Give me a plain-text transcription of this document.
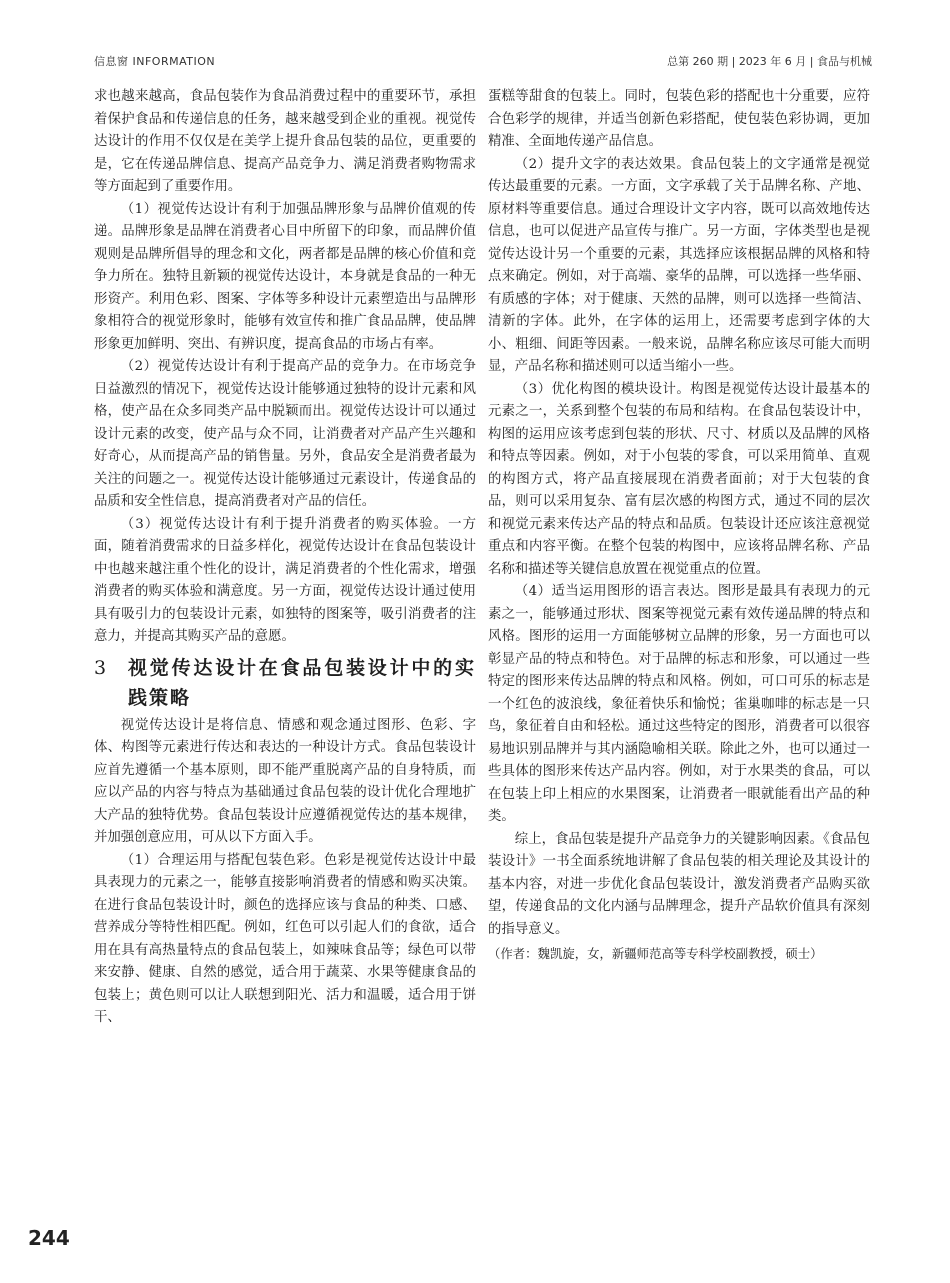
信息窗 INFORMATION	总第 260 期 | 2023 年 6 月 | 食品与机械

求也越来越高，食品包装作为食品消费过程中的重要环节，承担着保护食品和传递信息的任务，越来越受到企业的重视。视觉传达设计的作用不仅仅是在美学上提升食品包装的品位，更重要的是，它在传递品牌信息、提高产品竞争力、满足消费者购物需求等方面起到了重要作用。

（1）视觉传达设计有利于加强品牌形象与品牌价值观的传递。品牌形象是品牌在消费者心目中所留下的印象，而品牌价值观则是品牌所倡导的理念和文化，两者都是品牌的核心价值和竞争力所在。独特且新颖的视觉传达设计，本身就是食品的一种无形资产。利用色彩、图案、字体等多种设计元素塑造出与品牌形象相符合的视觉形象时，能够有效宣传和推广食品品牌，使品牌形象更加鲜明、突出、有辨识度，提高食品的市场占有率。

（2）视觉传达设计有利于提高产品的竞争力。在市场竞争日益激烈的情况下，视觉传达设计能够通过独特的设计元素和风格，使产品在众多同类产品中脱颖而出。视觉传达设计可以通过设计元素的改变，使产品与众不同，让消费者对产品产生兴趣和好奇心，从而提高产品的销售量。另外，食品安全是消费者最为关注的问题之一。视觉传达设计能够通过元素设计，传递食品的品质和安全性信息，提高消费者对产品的信任。

（3）视觉传达设计有利于提升消费者的购买体验。一方面，随着消费需求的日益多样化，视觉传达设计在食品包装设计中也越来越注重个性化的设计，满足消费者的个性化需求，增强消费者的购买体验和满意度。另一方面，视觉传达设计通过使用具有吸引力的包装设计元素，如独特的图案等，吸引消费者的注意力，并提高其购买产品的意愿。

3	视觉传达设计在食品包装设计中的实践策略

视觉传达设计是将信息、情感和观念通过图形、色彩、字体、构图等元素进行传达和表达的一种设计方式。食品包装设计应首先遵循一个基本原则，即不能严重脱离产品的自身特质，而应以产品的内容与特点为基础通过食品包装的设计优化合理地扩大产品的独特优势。食品包装设计应遵循视觉传达的基本规律，并加强创意应用，可从以下方面入手。

（1）合理运用与搭配包装色彩。色彩是视觉传达设计中最具表现力的元素之一，能够直接影响消费者的情感和购买决策。在进行食品包装设计时，颜色的选择应该与食品的种类、口感、营养成分等特性相匹配。例如，红色可以引起人们的食欲，适合用在具有高热量特点的食品包装上，如辣味食品等；绿色可以带来安静、健康、自然的感觉，适合用于蔬菜、水果等健康食品的包装上；黄色则可以让人联想到阳光、活力和温暖，适合用于饼干、

蛋糕等甜食的包装上。同时，包装色彩的搭配也十分重要，应符合色彩学的规律，并适当创新色彩搭配，使包装色彩协调，更加精准、全面地传递产品信息。

（2）提升文字的表达效果。食品包装上的文字通常是视觉传达最重要的元素。一方面，文字承载了关于品牌名称、产地、原材料等重要信息。通过合理设计文字内容，既可以高效地传达信息，也可以促进产品宣传与推广。另一方面，字体类型也是视觉传达设计另一个重要的元素，其选择应该根据品牌的风格和特点来确定。例如，对于高端、豪华的品牌，可以选择一些华丽、有质感的字体；对于健康、天然的品牌，则可以选择一些简洁、清新的字体。此外，在字体的运用上，还需要考虑到字体的大小、粗细、间距等因素。一般来说，品牌名称应该尽可能大而明显，产品名称和描述则可以适当缩小一些。

（3）优化构图的模块设计。构图是视觉传达设计最基本的元素之一，关系到整个包装的布局和结构。在食品包装设计中，构图的运用应该考虑到包装的形状、尺寸、材质以及品牌的风格和特点等因素。例如，对于小包装的零食，可以采用简单、直观的构图方式，将产品直接展现在消费者面前；对于大包装的食品，则可以采用复杂、富有层次感的构图方式，通过不同的层次和视觉元素来传达产品的特点和品质。包装设计还应该注意视觉重点和内容平衡。在整个包装的构图中，应该将品牌名称、产品名称和描述等关键信息放置在视觉重点的位置。

（4）适当运用图形的语言表达。图形是最具有表现力的元素之一，能够通过形状、图案等视觉元素有效传递品牌的特点和风格。图形的运用一方面能够树立品牌的形象，另一方面也可以彰显产品的特点和特色。对于品牌的标志和形象，可以通过一些特定的图形来传达品牌的特点和风格。例如，可口可乐的标志是一个红色的波浪线，象征着快乐和愉悦；雀巢咖啡的标志是一只鸟，象征着自由和轻松。通过这些特定的图形，消费者可以很容易地识别品牌并与其内涵隐喻相关联。除此之外，也可以通过一些具体的图形来传达产品内容。例如，对于水果类的食品，可以在包装上印上相应的水果图案，让消费者一眼就能看出产品的种类。

综上，食品包装是提升产品竞争力的关键影响因素。《食品包装设计》一书全面系统地讲解了食品包装的相关理论及其设计的基本内容，对进一步优化食品包装设计，激发消费者产品购买欲望，传递食品的文化内涵与品牌理念，提升产品软价值具有深刻的指导意义。

（作者：魏凯旋，女，新疆师范高等专科学校副教授，硕士）

244
